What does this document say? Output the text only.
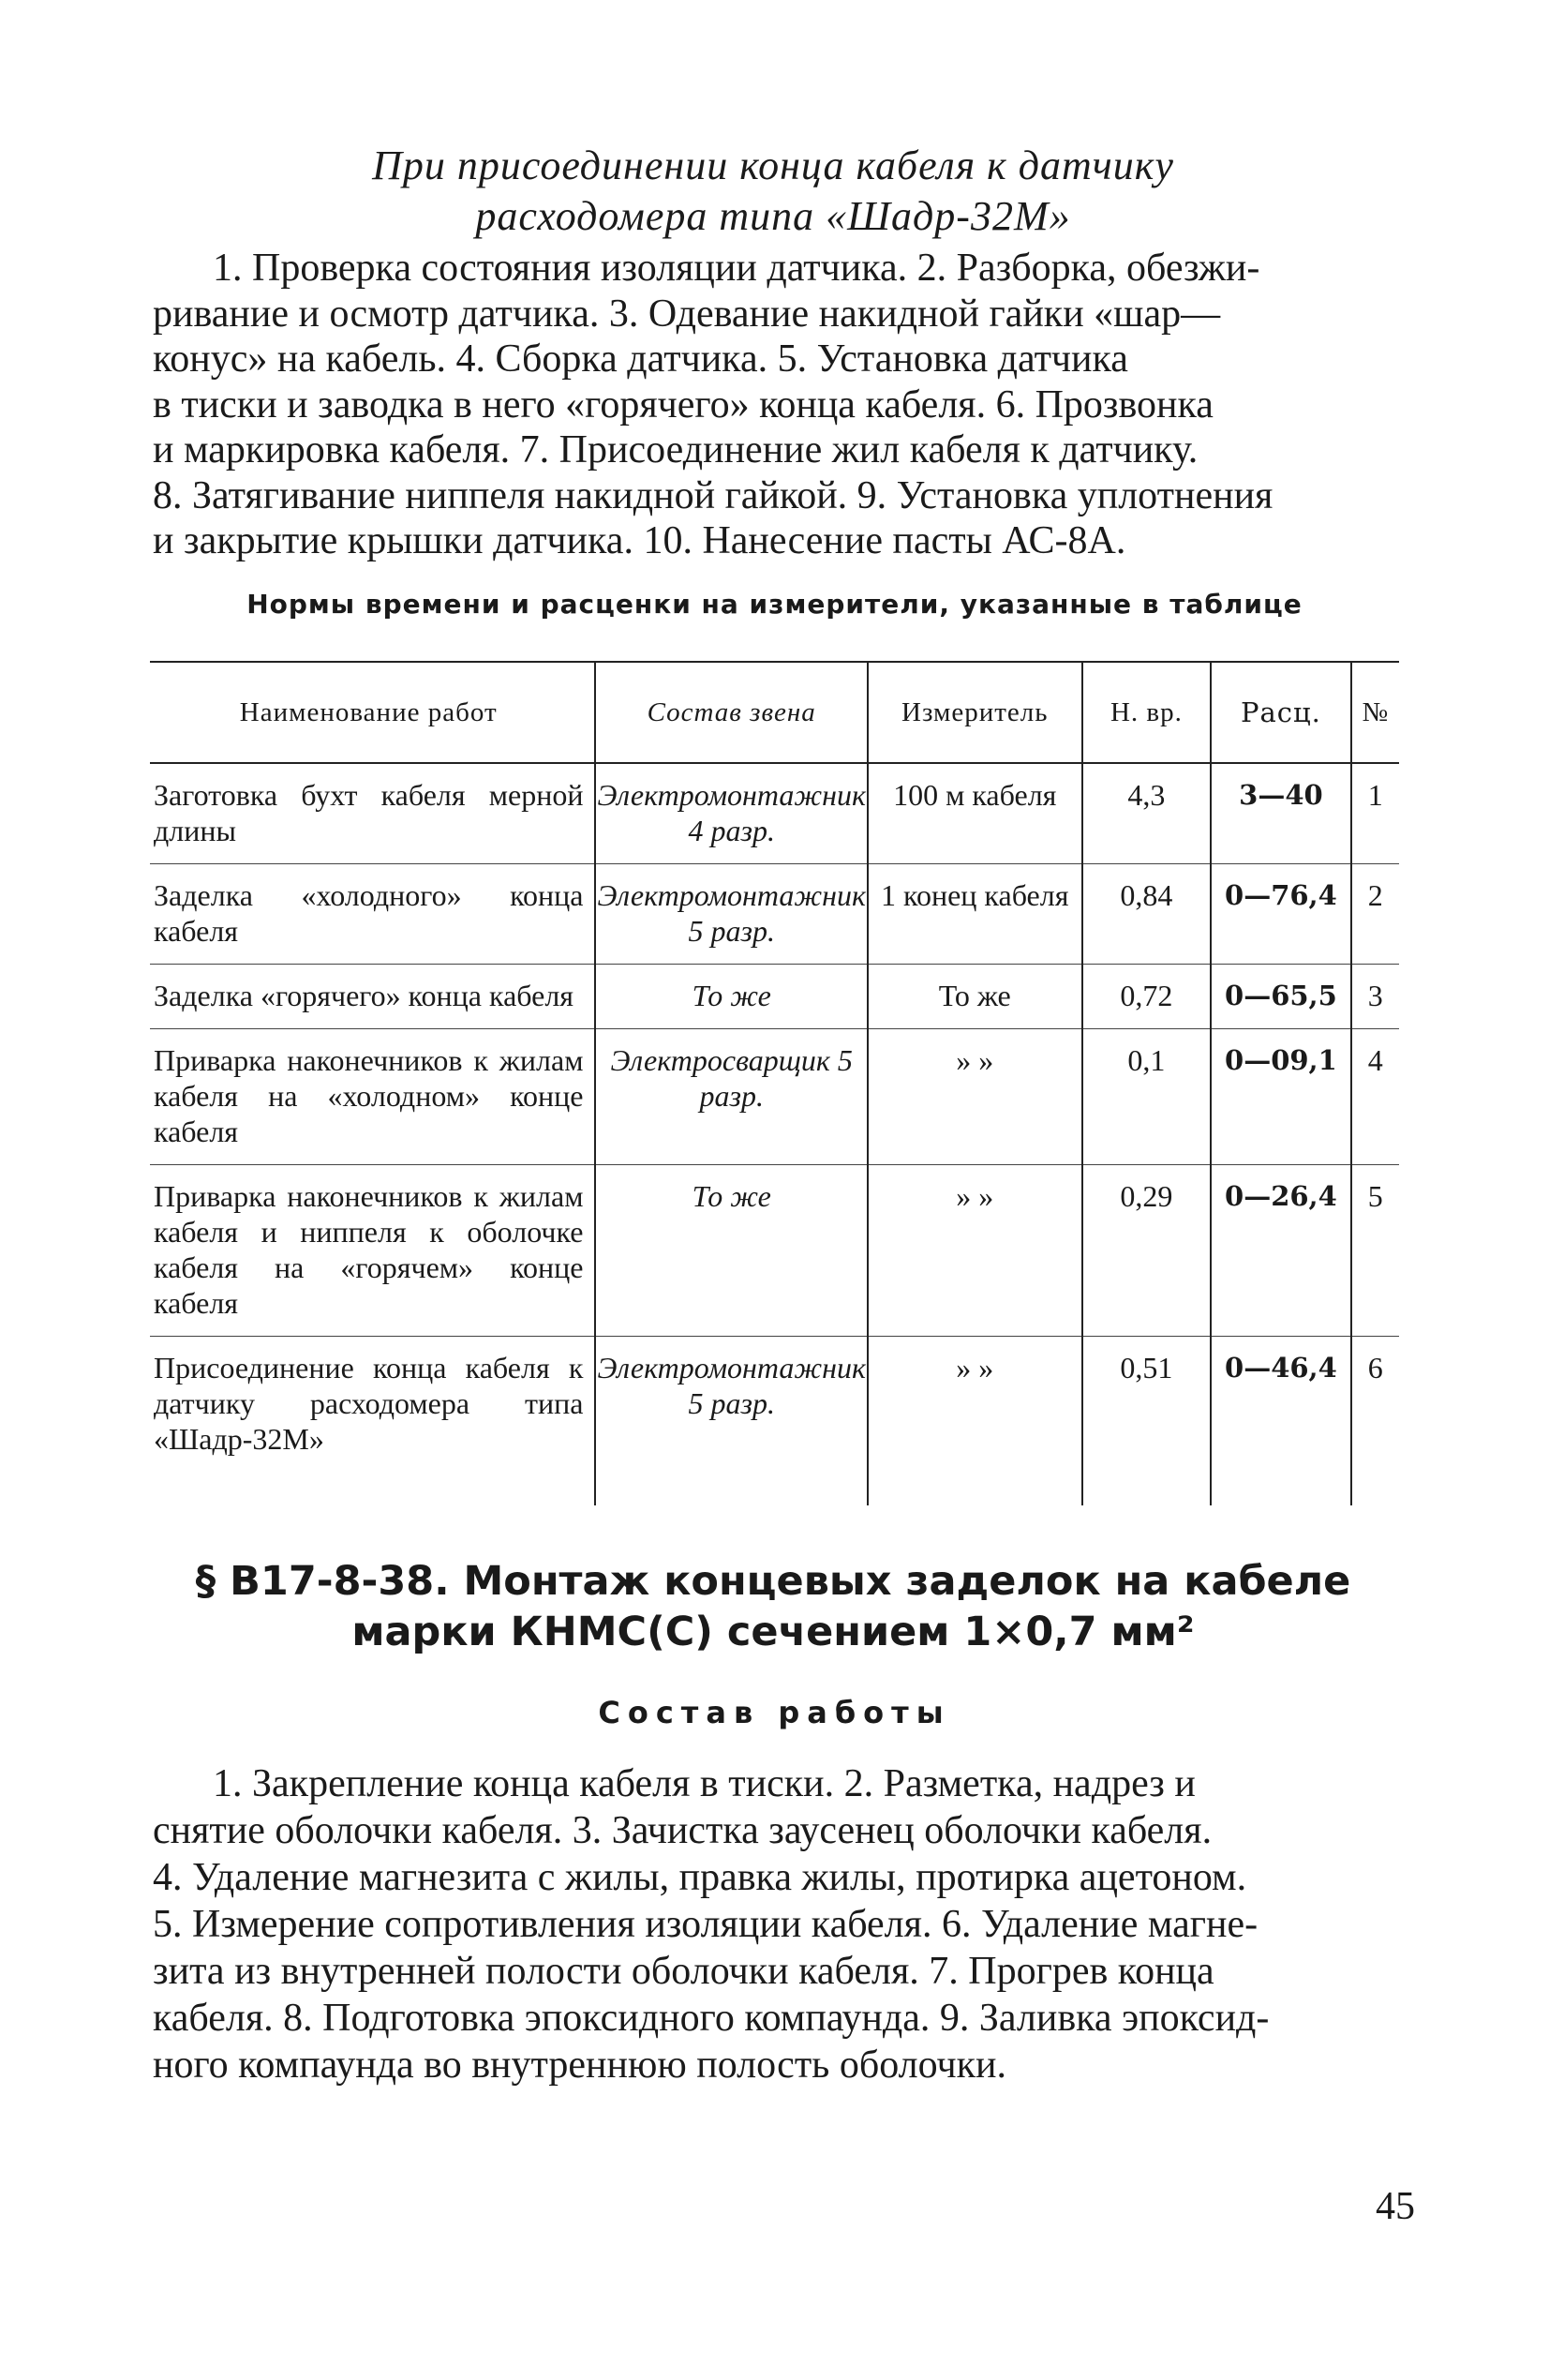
При присоединении конца кабеля к датчику
расходомера типа «Шадр-32М»
1. Проверка состояния изоляции датчика. 2. Разборка, обезжи-
ривание и осмотр датчика. 3. Одевание накидной гайки «шар—
конус» на кабель. 4. Сборка датчика. 5. Установка датчика
в тиски и заводка в него «горячего» конца кабеля. 6. Прозвонка
и маркировка кабеля. 7. Присоединение жил кабеля к датчику.
8. Затягивание ниппеля накидной гайкой. 9. Установка уплотнения
и закрытие крышки датчика. 10. Нанесение пасты АС-8А.
Нормы времени и расценки на измерители, указанные в таблице
Наименование работ	Состав звена	Измеритель	Н. вр.	Расц.	№
Заготовка бухт кабеля мерной длины	Электромонтажник 4 разр.	100 м кабеля	4,3	3—40	1
Заделка «холодного» конца кабеля	Электромонтажник 5 разр.	1 конец кабеля	0,84	0—76,4	2
Заделка «горячего» конца кабеля	То же	То же	0,72	0—65,5	3
Приварка наконечников к жилам кабеля на «холодном» конце кабеля	Электросварщик 5 разр.	» »	0,1	0—09,1	4
Приварка наконечников к жилам кабеля и ниппеля к оболочке кабеля на «горячем» конце кабеля	То же	» »	0,29	0—26,4	5
Присоединение конца кабеля к датчику расходомера типа «Шадр-32М»	Электромонтажник 5 разр.	» »	0,51	0—46,4	6
§ В17-8-38. Монтаж концевых заделок на кабеле
марки КНМС(С) сечением 1×0,7 мм²
Состав работы
1. Закрепление конца кабеля в тиски. 2. Разметка, надрез и
снятие оболочки кабеля. 3. Зачистка заусенец оболочки кабеля.
4. Удаление магнезита с жилы, правка жилы, протирка ацетоном.
5. Измерение сопротивления изоляции кабеля. 6. Удаление магне-
зита из внутренней полости оболочки кабеля. 7. Прогрев конца
кабеля. 8. Подготовка эпоксидного компаунда. 9. Заливка эпоксид-
ного компаунда во внутреннюю полость оболочки.
45
